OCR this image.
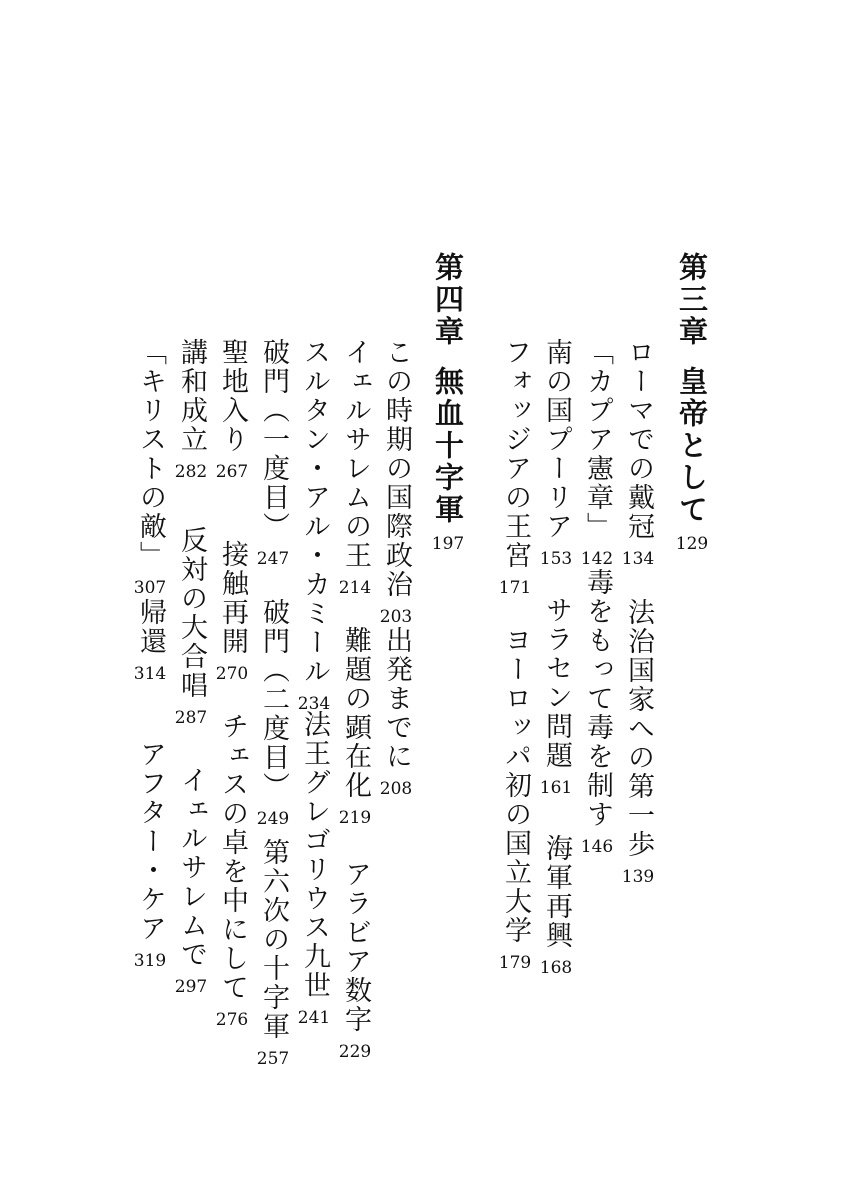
第三章
皇帝として
129
ローマでの戴冠
134
法治国家への第一歩
139
「カプア憲章」
142
毒をもって毒を制す
146
南の国プーリア
153
サラセン問題
161
海軍再興
168
フォッジアの王宮
171
ヨーロッパ初の国立大学
179
第四章
無血十字軍
197
この時期の国際政治
203
出発までに
208
イェルサレムの王
214
難題の顕在化
219
アラビア数字
229
スルタン・アル・カミール
234
法王グレゴリウス九世
241
破門（一度目）
247
破門（二度目）
249
第六次の十字軍
257
聖地入り
267
接触再開
270
チェスの卓を中にして
276
講和成立
282
反対の大合唱
287
イェルサレムで
297
「キリストの敵」
307
帰還
314
アフター・ケア
319
